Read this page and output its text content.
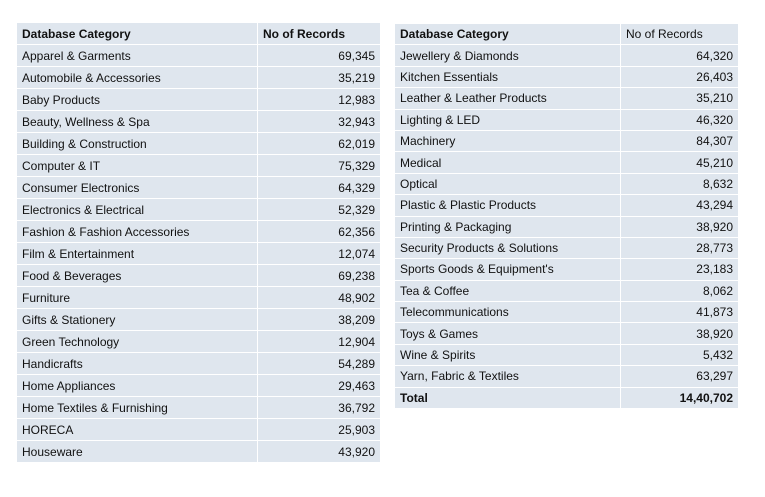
Database Category	No of Records
Apparel & Garments	69,345
Automobile & Accessories	35,219
Baby Products	12,983
Beauty, Wellness & Spa	32,943
Building & Construction	62,019
Computer & IT	75,329
Consumer Electronics	64,329
Electronics & Electrical	52,329
Fashion & Fashion Accessories	62,356
Film & Entertainment	12,074
Food & Beverages	69,238
Furniture	48,902
Gifts & Stationery	38,209
Green Technology	12,904
Handicrafts	54,289
Home Appliances	29,463
Home Textiles & Furnishing	36,792
HORECA	25,903
Houseware	43,920
Database Category	No of Records
Jewellery & Diamonds	64,320
Kitchen Essentials	26,403
Leather & Leather Products	35,210
Lighting & LED	46,320
Machinery	84,307
Medical	45,210
Optical	8,632
Plastic & Plastic Products	43,294
Printing & Packaging	38,920
Security Products & Solutions	28,773
Sports Goods & Equipment's	23,183
Tea & Coffee	8,062
Telecommunications	41,873
Toys & Games	38,920
Wine & Spirits	5,432
Yarn, Fabric & Textiles	63,297
Total	14,40,702
